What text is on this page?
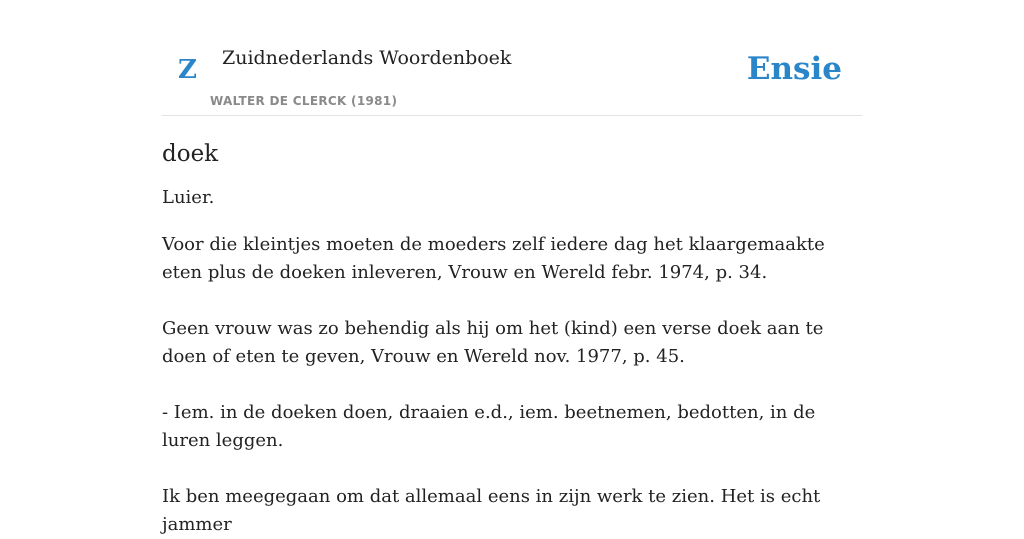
Z Zuidnederlands Woordenboek
WALTER DE CLERCK (1981)
Ensie
doek

Luier.

Voor die kleintjes moeten de moeders zelf iedere dag het klaargemaakte eten plus de doeken inleveren, Vrouw en Wereld febr. 1974, p. 34.

Geen vrouw was zo behendig als hij om het (kind) een verse doek aan te doen of eten te geven, Vrouw en Wereld nov. 1977, p. 45.

- Iem. in de doeken doen, draaien e.d., iem. beetnemen, bedotten, in de luren leggen.

Ik ben meegegaan om dat allemaal eens in zijn werk te zien. Het is echt jammer
